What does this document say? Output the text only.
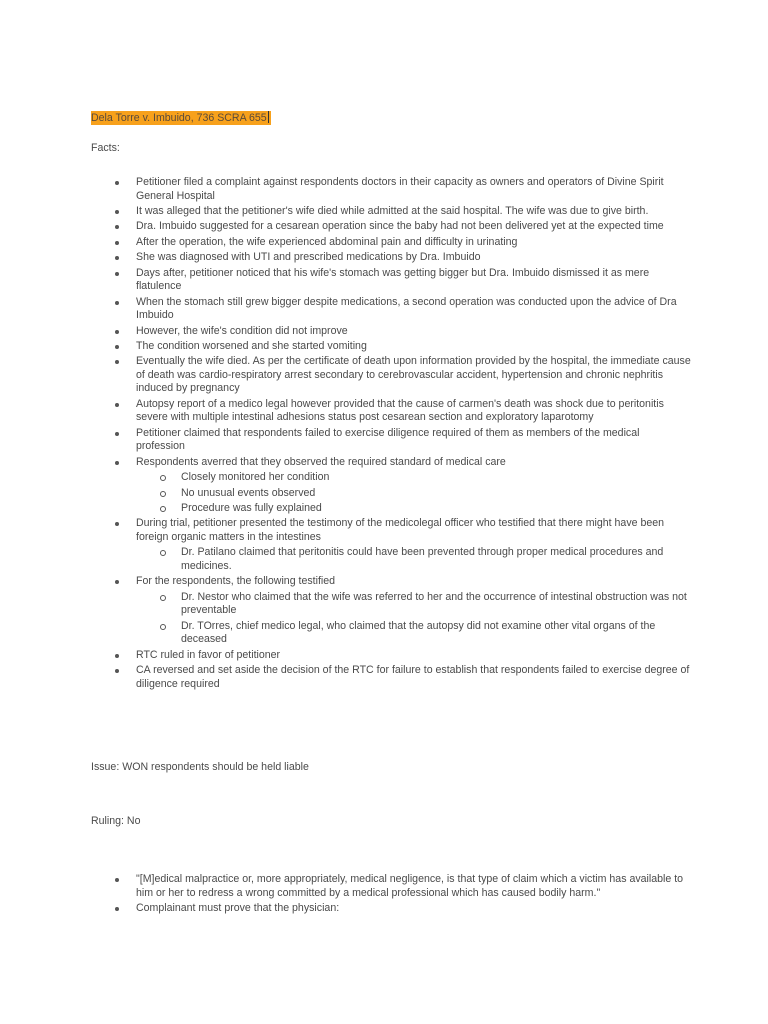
Dela Torre v. Imbuido, 736 SCRA 655
Facts:
Petitioner filed a complaint against respondents doctors in their capacity as owners and operators of Divine Spirit General Hospital
It was alleged that the petitioner's wife died while admitted at the said hospital. The wife was due to give birth.
Dra. Imbuido suggested for a cesarean operation since the baby had not been delivered yet at the expected time
After the operation, the wife experienced abdominal pain and difficulty in urinating
She was diagnosed with UTI and prescribed medications by Dra. Imbuido
Days after, petitioner noticed that his wife's stomach was getting bigger but Dra. Imbuido dismissed it as mere flatulence
When the stomach still grew bigger despite medications, a second operation was conducted upon the advice of Dra Imbuido
However, the wife's condition did not improve
The condition worsened and she started vomiting
Eventually the wife died. As per the certificate of death upon information provided by the hospital, the immediate cause of death was cardio-respiratory arrest secondary to cerebrovascular accident, hypertension and chronic nephritis induced by pregnancy
Autopsy report of a medico legal however provided that the cause of carmen's death was shock due to peritonitis severe with multiple intestinal adhesions status post cesarean section and exploratory laparotomy
Petitioner claimed that respondents failed to exercise diligence required of them as members of the medical profession
Respondents averred that they observed the required standard of medical care
Closely monitored her condition
No unusual events observed
Procedure was fully explained
During trial, petitioner presented the testimony of the medicolegal officer who testified that there might have been foreign organic matters in the intestines
Dr. Patilano claimed that peritonitis could have been prevented through proper medical procedures and medicines.
For the respondents, the following testified
Dr. Nestor who claimed that the wife was referred to her and the occurrence of intestinal obstruction was not preventable
Dr. TOrres, chief medico legal, who claimed that the autopsy did not examine other vital organs of the deceased
RTC ruled in favor of petitioner
CA reversed and set aside the decision of the RTC for failure to establish that respondents failed to exercise degree of diligence required
Issue: WON respondents should be held liable
Ruling: No
"[M]edical malpractice or, more appropriately, medical negligence, is that type of claim which a victim has available to him or her to redress a wrong committed by a medical professional which has caused bodily harm."
Complainant must prove that the physician:
